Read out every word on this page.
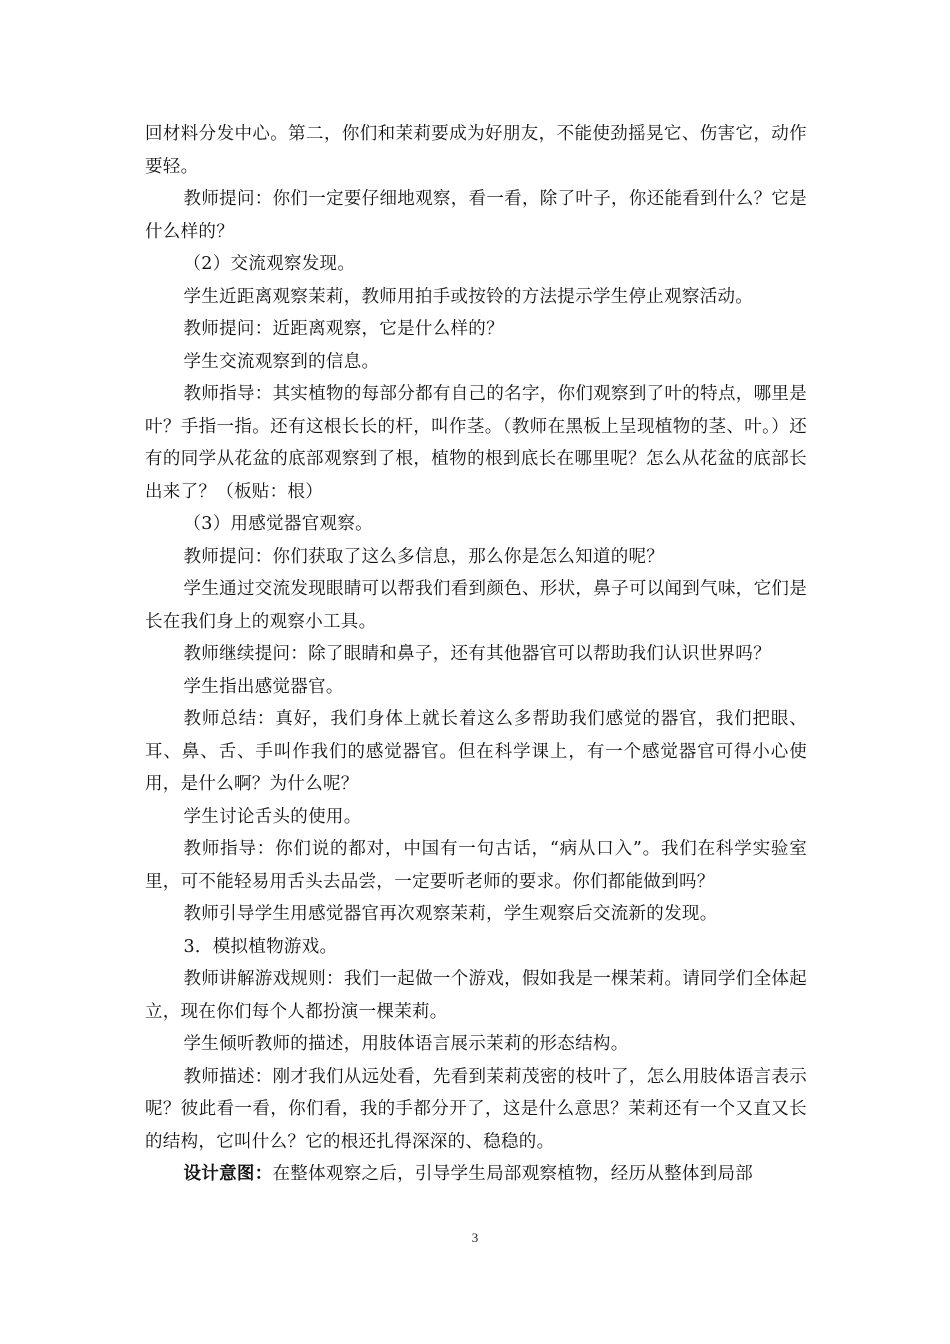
回材料分发中心。第二，你们和茉莉要成为好朋友，不能使劲摇晃它、伤害它，动作要轻。

教师提问：你们一定要仔细地观察，看一看，除了叶子，你还能看到什么？它是什么样的？

（2）交流观察发现。

学生近距离观察茉莉，教师用拍手或按铃的方法提示学生停止观察活动。

教师提问：近距离观察，它是什么样的？

学生交流观察到的信息。

教师指导：其实植物的每部分都有自己的名字，你们观察到了叶的特点，哪里是叶？手指一指。还有这根长长的杆，叫作茎。（教师在黑板上呈现植物的茎、叶。）还有的同学从花盆的底部观察到了根，植物的根到底长在哪里呢？怎么从花盆的底部长出来了？（板贴：根）

（3）用感觉器官观察。

教师提问：你们获取了这么多信息，那么你是怎么知道的呢？

学生通过交流发现眼睛可以帮我们看到颜色、形状，鼻子可以闻到气味，它们是长在我们身上的观察小工具。

教师继续提问：除了眼睛和鼻子，还有其他器官可以帮助我们认识世界吗？

学生指出感觉器官。

教师总结：真好，我们身体上就长着这么多帮助我们感觉的器官，我们把眼、耳、鼻、舌、手叫作我们的感觉器官。但在科学课上，有一个感觉器官可得小心使用，是什么啊？为什么呢？

学生讨论舌头的使用。

教师指导：你们说的都对，中国有一句古话，“病从口入”。我们在科学实验室里，可不能轻易用舌头去品尝，一定要听老师的要求。你们都能做到吗？

教师引导学生用感觉器官再次观察茉莉，学生观察后交流新的发现。

3．模拟植物游戏。

教师讲解游戏规则：我们一起做一个游戏，假如我是一棵茉莉。请同学们全体起立，现在你们每个人都扮演一棵茉莉。

学生倾听教师的描述，用肢体语言展示茉莉的形态结构。

教师描述：刚才我们从远处看，先看到茉莉茂密的枝叶了，怎么用肢体语言表示呢？彼此看一看，你们看，我的手都分开了，这是什么意思？茉莉还有一个又直又长的结构，它叫什么？它的根还扎得深深的、稳稳的。

设计意图：在整体观察之后，引导学生局部观察植物，经历从整体到局部

3
